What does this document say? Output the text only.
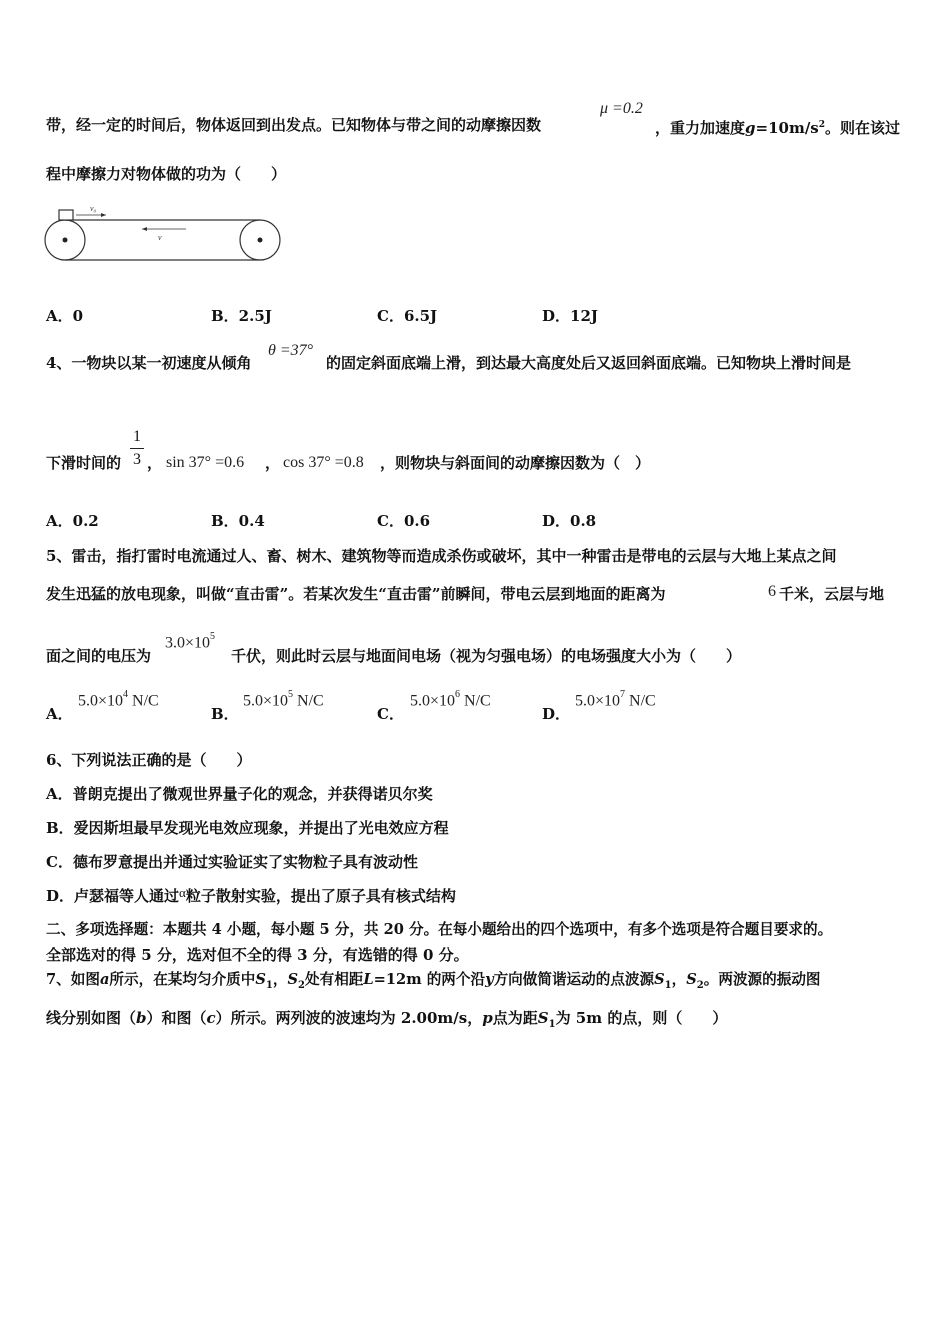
带，经一定的时间后，物体返回到出发点。已知物体与带之间的动摩擦因数
μ =0.2
，重力加速度$g=10m/s^2$。则在该过
程中摩擦力对物体做的功为（　　）
v₀
v
A．0	B．2.5J	C．6.5J	D．12J
4、一物块以某一初速度从倾角
θ =37°
的固定斜面底端上滑，到达最大高度处后又返回斜面底端。已知物块上滑时间是
下滑时间的
1
3 ， sin 37° =0.6 ， cos 37° =0.8 ，则物块与斜面间的动摩擦因数为（　）
A．0.2	B．0.4	C．0.6	D．0.8
5、雷击，指打雷时电流通过人、畜、树木、建筑物等而造成杀伤或破坏，其中一种雷击是带电的云层与大地上某点之间
发生迅猛的放电现象，叫做“直击雷”。若某次发生“直击雷”前瞬间，带电云层到地面的距离为	6 千米，云层与地
面之间的电压为
$3.0\times 10^5$
千伏，则此时云层与地面间电场（视为匀强电场）的电场强度大小为（　　）
A．
$5.0\times 10^4$ N/C
B．
$5.0\times 10^5$ N/C
C．
$5.0\times 10^6$ N/C
D．
$5.0\times 10^7$ N/C
6、下列说法正确的是（　　）
A．普朗克提出了微观世界量子化的观念，并获得诺贝尔奖
B．爱因斯坦最早发现光电效应现象，并提出了光电效应方程
C．德布罗意提出并通过实验证实了实物粒子具有波动性
D．卢瑟福等人通过α粒子散射实验，提出了原子具有核式结构
二、多项选择题：本题共 4 小题，每小题 5 分，共 20 分。在每小题给出的四个选项中，有多个选项是符合题目要求的。
全部选对的得 5 分，选对但不全的得 3 分，有选错的得 0 分。
7、如图a所示，在某均匀介质中$S_1$，$S_2$处有相距L=12m 的两个沿y方向做简谐运动的点波源$S_1$，$S_2$。两波源的振动图
线分别如图（b）和图（c）所示。两列波的波速均为 2.00m/s，p点为距$S_1$为 5m 的点，则（　　）
